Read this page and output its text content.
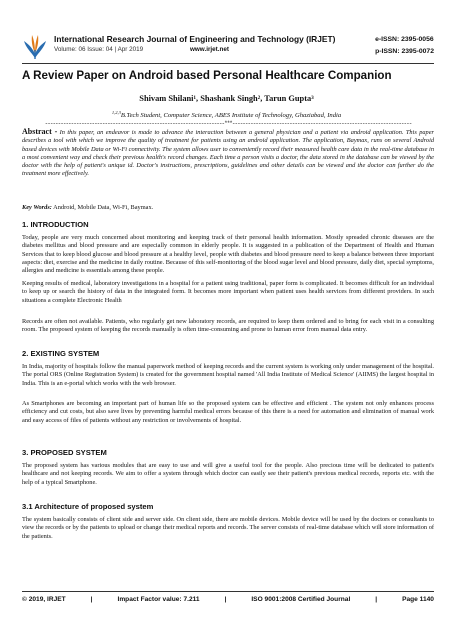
International Research Journal of Engineering and Technology (IRJET)
Volume: 06 Issue: 04 | Apr 2019	www.irjet.net
e-ISSN: 2395-0056
p-ISSN: 2395-0072
A Review Paper on Android based Personal Healthcare Companion
Shivam Shilani¹, Shashank Singh², Tarun Gupta³
$^{1,2,3}$B.Tech Student, Computer Science, ABES Institute of Technology, Ghaziabad, India
---------------------------------------------------------------------***---------------------------------------------------------------------
Abstract - In this paper, an endeavor is made to advance the interaction between a general physician and a patient via android application. This paper describes a tool with which we improve the quality of treatment for patients using an android application. The application, Baymax, runs on several Android based devices with Mobile Data or Wi-Fi connectivity. The system allows user to conveniently record their measured health care data in the real-time database in a most convenient way and check their previous health's record changes. Each time a person visits a doctor, the data stored in the database can be viewed by the doctor with the help of patient's unique id. Doctor's instructions, prescriptions, guidelines and other details can be viewed and the doctor can further do the treatment more effectively.
Key Words: Android, Mobile Data, Wi-Fi, Baymax.
1. INTRODUCTION
Today, people are very much concerned about monitoring and keeping track of their personal health information. Mostly spreaded chronic diseases are the diabetes mellitus and blood pressure and are especially common in elderly people. It is suggested in a publication of the Department of Health and Human Services that to keep blood glucose and blood pressure at a healthy level, people with diabetes and blood pressure need to keep a balance between three important aspects: diet, exercise and the medicine in daily routine. Because of this self-monitoring of the blood sugar level and blood pressure, daily diet, special symptoms, allergies and medicine is essentials among these people.
Keeping results of medical, laboratory investigations in a hospital for a patient using traditional, paper form is complicated. It becomes difficult for an individual to keep up or search the history of data in the integrated form. It becomes more important when patient uses health services from different providers. In such situations a complete Electronic Health
Records are often not available. Patients, who regularly get new laboratory records, are required to keep them ordered and to bring for each visit in a consulting room. The proposed system of keeping the records manually is often time-consuming and prone to human error from manual data entry.
2. EXISTING SYSTEM
In India, majority of hospitals follow the manual paperwork method of keeping records and the current system is working only under management of the hospital. The portal ORS (Online Registration System) is created for the government hospital named 'All India Institute of Medical Science' (AIIMS) the largest hospital in India. This is an e-portal which works with the web browser.
As Smartphones are becoming an important part of human life so the proposed system can be effective and efficient . The system not only enhances process efficiency and cut costs, but also save lives by preventing harmful medical errors because of this there is a need for automation and elimination of manual work and easy access of files of patients without any restriction or involvements of hospital.
3. PROPOSED SYSTEM
The proposed system has various modules that are easy to use and will give a useful tool for the people. Also precious time will be dedicated to patient's healthcare and not keeping records. We aim to offer a system through which doctor can easily see their patient's previous medical records, reports etc. with the help of a typical Smartphone.
3.1 Architecture of proposed system
The system basically consists of client side and server side. On client side, there are mobile devices. Mobile device will be used by the doctors or consultants to view the records or by the patients to upload or change their medical reports and records. The server consists of real-time database which will store information of the patients.
© 2019, IRJET	|	Impact Factor value: 7.211	|	ISO 9001:2008 Certified Journal	|	Page 1140
